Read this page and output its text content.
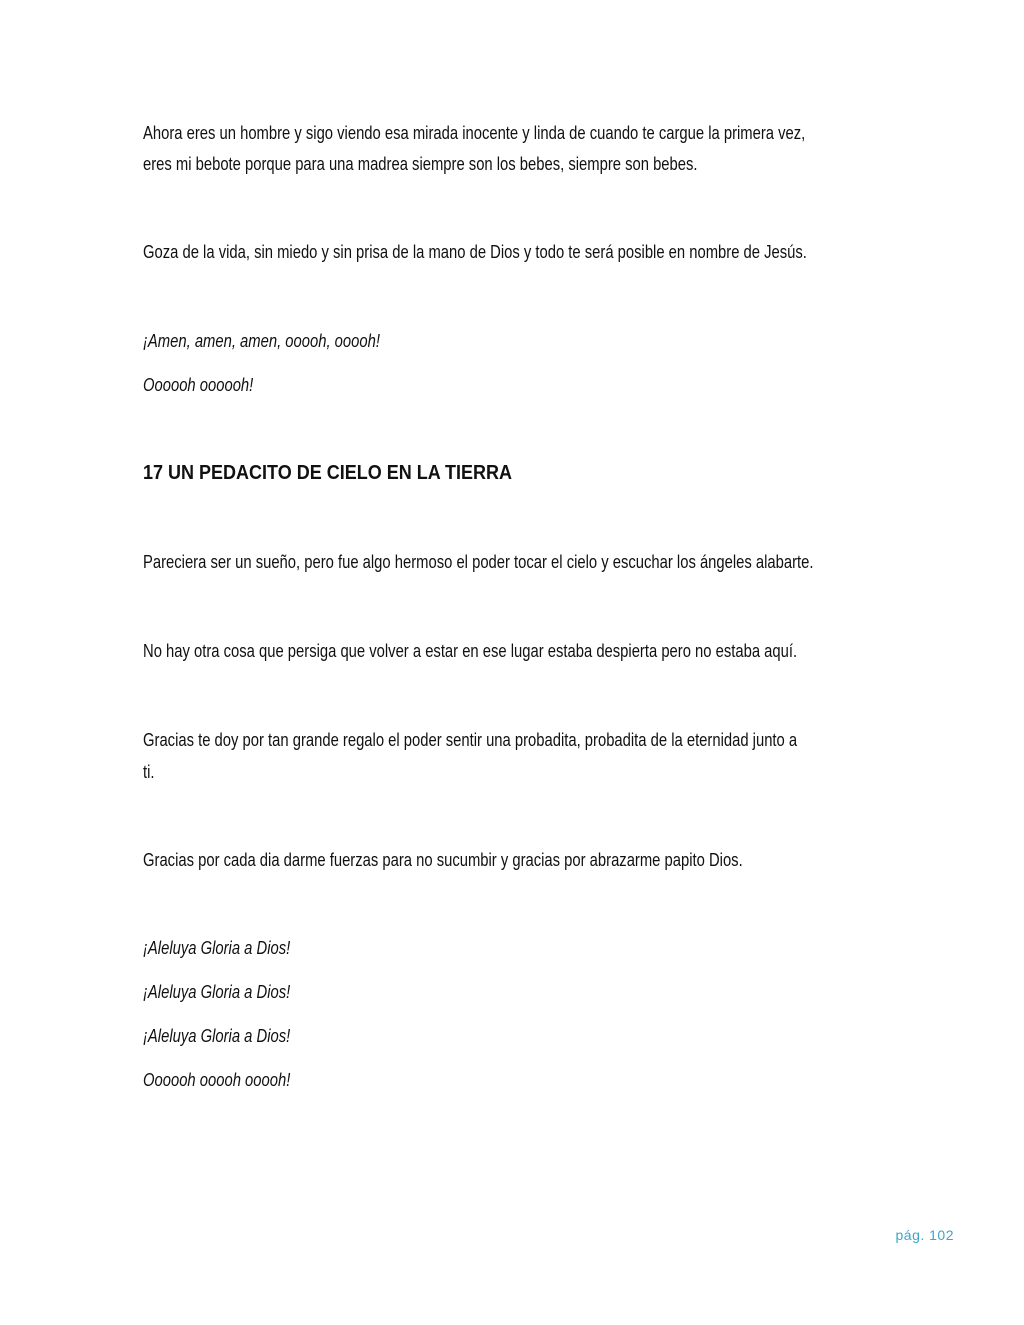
Ahora eres un hombre y sigo viendo esa mirada inocente y linda de cuando te cargue la primera vez,

eres mi bebote porque para una madrea siempre son los bebes, siempre son bebes.

Goza de la vida, sin miedo y sin prisa de la mano de Dios y todo te será posible en nombre de Jesús.

¡Amen, amen, amen, ooooh, ooooh!

Oooooh oooooh!

17 UN PEDACITO DE CIELO EN LA TIERRA

Pareciera ser un sueño, pero fue algo hermoso el poder tocar el cielo y escuchar los ángeles alabarte.

No hay otra cosa que persiga que volver a estar en ese lugar estaba despierta pero no estaba aquí.

Gracias te doy por tan grande regalo el poder sentir una probadita, probadita de la eternidad junto a

ti.

Gracias por cada dia darme fuerzas para no sucumbir y gracias por abrazarme papito Dios.

¡Aleluya Gloria a Dios!

¡Aleluya Gloria a Dios!

¡Aleluya Gloria a Dios!

Oooooh ooooh ooooh!

pág. 102
